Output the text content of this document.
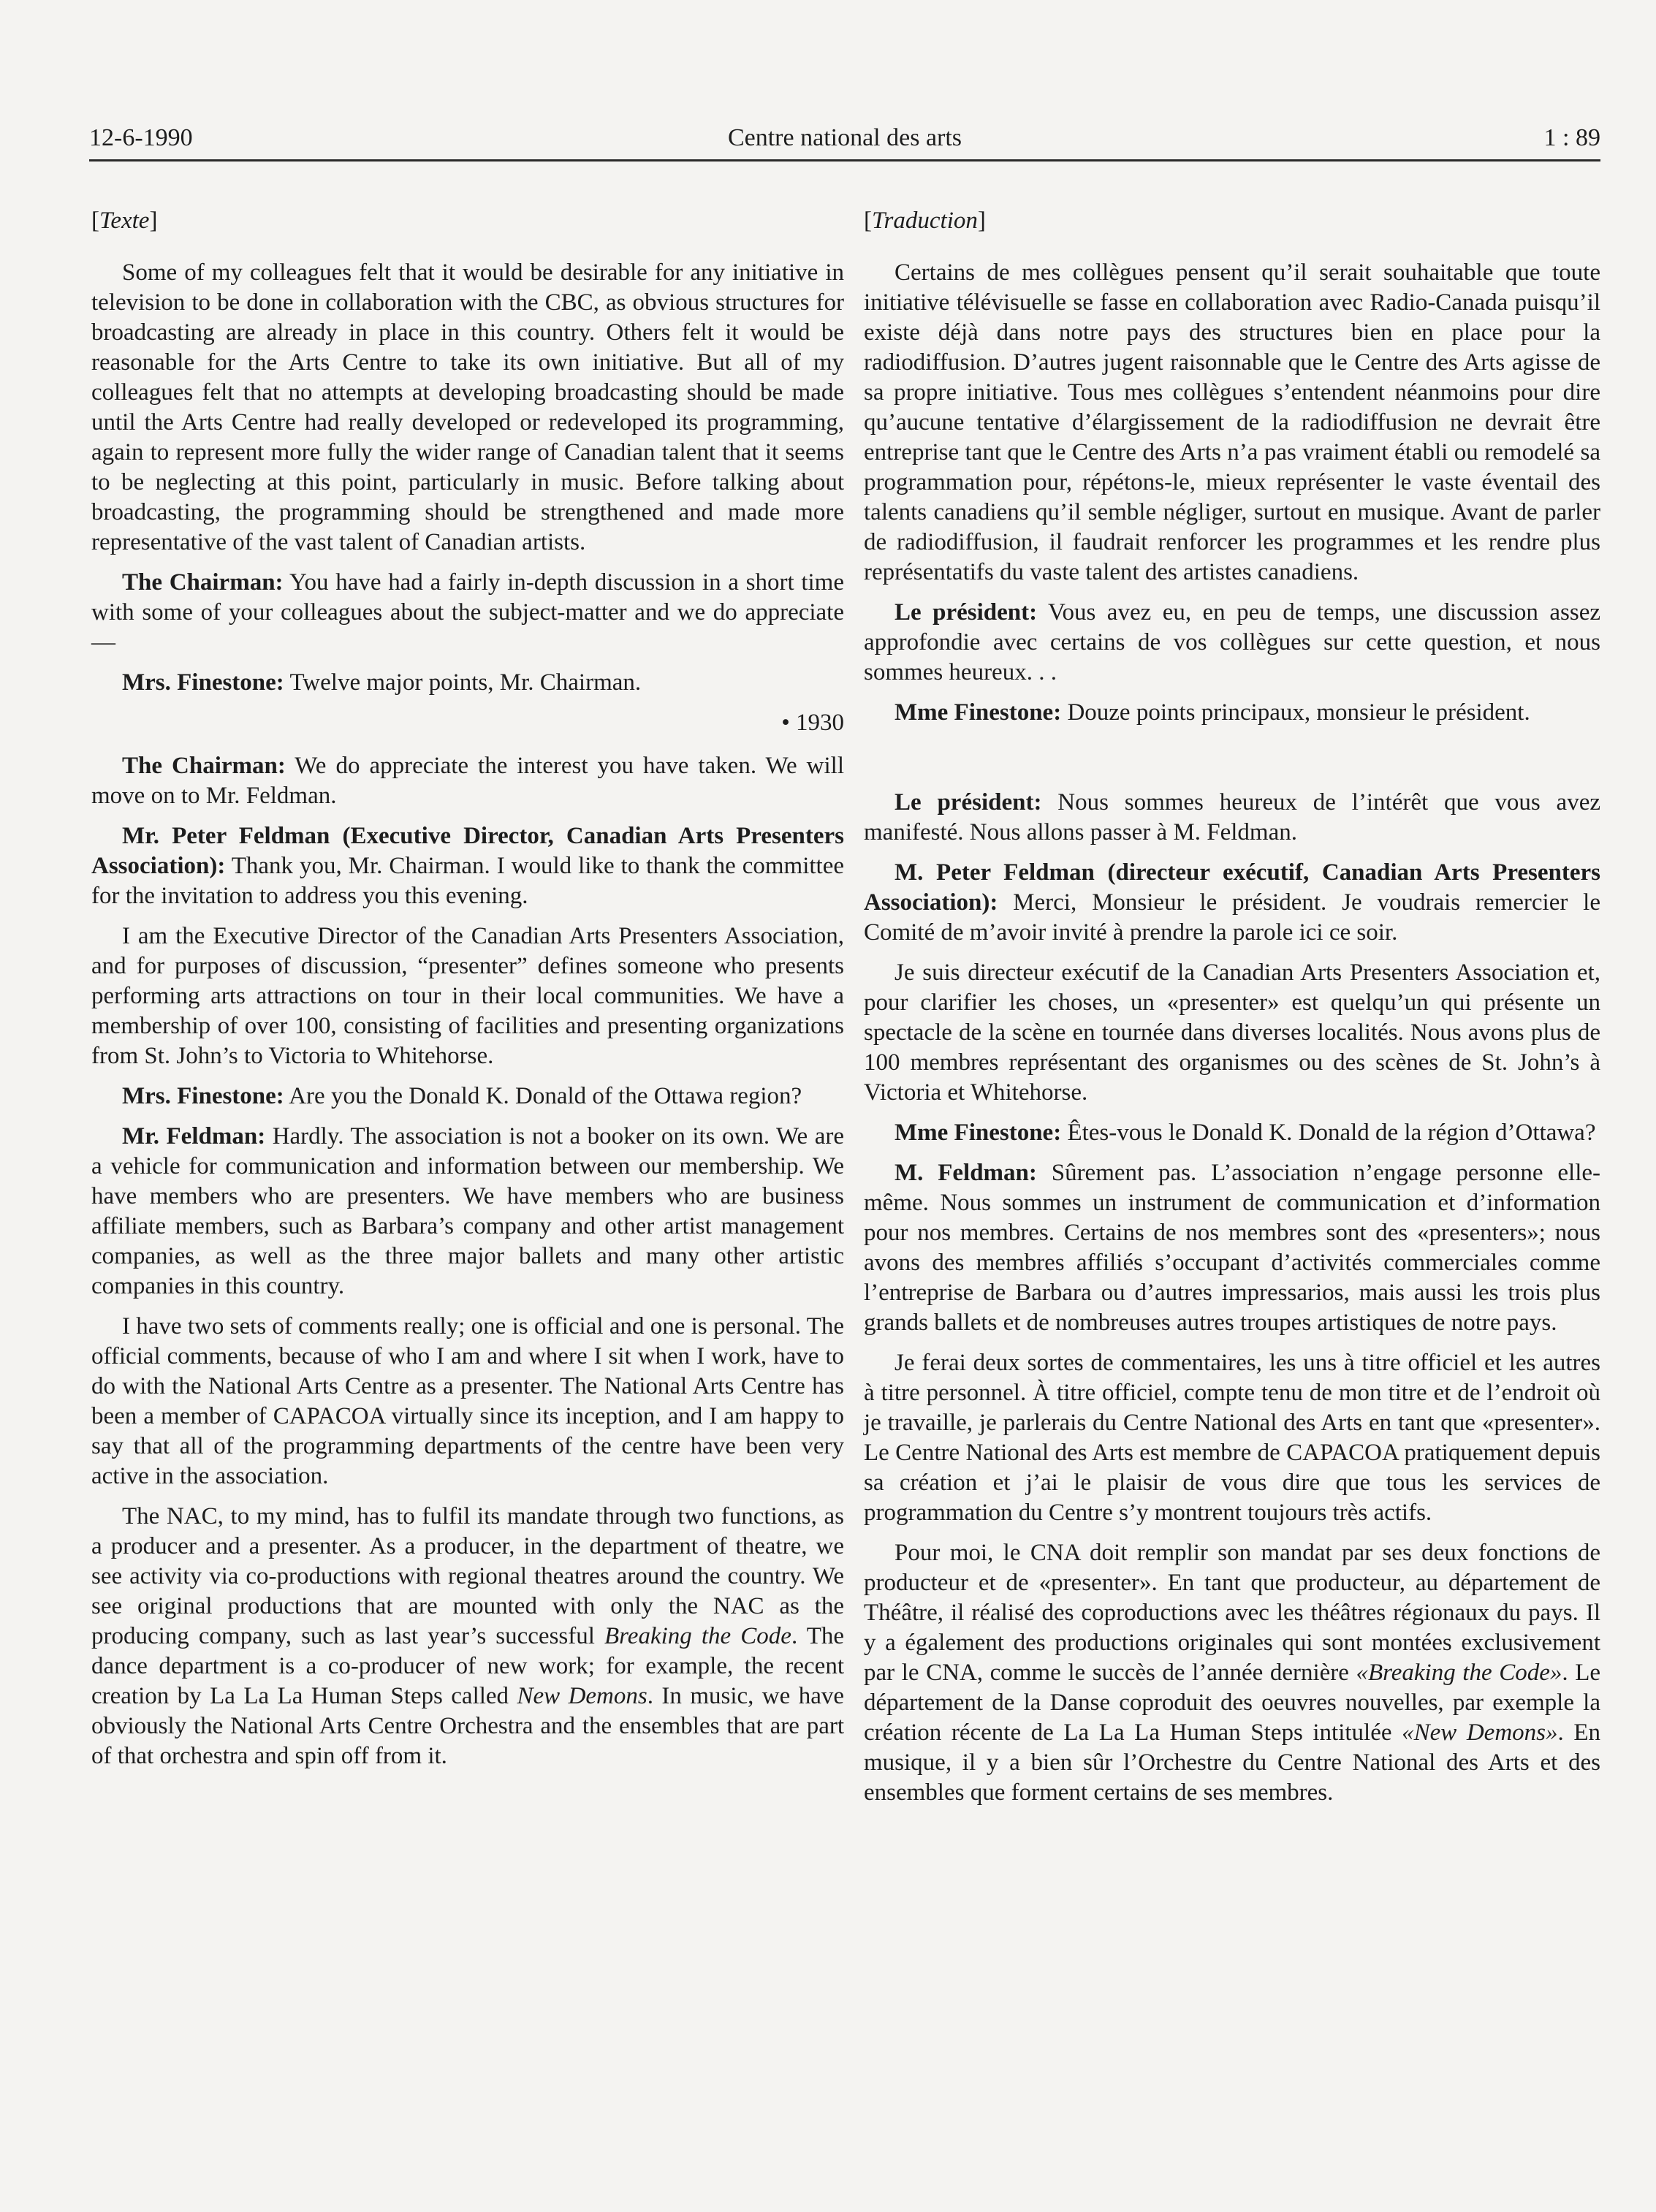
12-6-1990	Centre national des arts	1 : 89

[Texte]

Some of my colleagues felt that it would be desirable for any initiative in television to be done in collaboration with the CBC, as obvious structures for broadcasting are already in place in this country. Others felt it would be reasonable for the Arts Centre to take its own initiative. But all of my colleagues felt that no attempts at developing broadcasting should be made until the Arts Centre had really developed or redeveloped its programming, again to represent more fully the wider range of Canadian talent that it seems to be neglecting at this point, particularly in music. Before talking about broadcasting, the programming should be strengthened and made more representative of the vast talent of Canadian artists.

The Chairman: You have had a fairly in-depth discussion in a short time with some of your colleagues about the subject-matter and we do appreciate—

Mrs. Finestone: Twelve major points, Mr. Chairman.

• 1930

The Chairman: We do appreciate the interest you have taken. We will move on to Mr. Feldman.

Mr. Peter Feldman (Executive Director, Canadian Arts Presenters Association): Thank you, Mr. Chairman. I would like to thank the committee for the invitation to address you this evening.

I am the Executive Director of the Canadian Arts Presenters Association, and for purposes of discussion, “presenter” defines someone who presents performing arts attractions on tour in their local communities. We have a membership of over 100, consisting of facilities and presenting organizations from St. John’s to Victoria to Whitehorse.

Mrs. Finestone: Are you the Donald K. Donald of the Ottawa region?

Mr. Feldman: Hardly. The association is not a booker on its own. We are a vehicle for communication and information between our membership. We have members who are presenters. We have members who are business affiliate members, such as Barbara’s company and other artist management companies, as well as the three major ballets and many other artistic companies in this country.

I have two sets of comments really; one is official and one is personal. The official comments, because of who I am and where I sit when I work, have to do with the National Arts Centre as a presenter. The National Arts Centre has been a member of CAPACOA virtually since its inception, and I am happy to say that all of the programming departments of the centre have been very active in the association.

The NAC, to my mind, has to fulfil its mandate through two functions, as a producer and a presenter. As a producer, in the department of theatre, we see activity via co-productions with regional theatres around the country. We see original productions that are mounted with only the NAC as the producing company, such as last year’s successful Breaking the Code. The dance department is a co-producer of new work; for example, the recent creation by La La La Human Steps called New Demons. In music, we have obviously the National Arts Centre Orchestra and the ensembles that are part of that orchestra and spin off from it.

[Traduction]

Certains de mes collègues pensent qu’il serait souhaitable que toute initiative télévisuelle se fasse en collaboration avec Radio-Canada puisqu’il existe déjà dans notre pays des structures bien en place pour la radiodiffusion. D’autres jugent raisonnable que le Centre des Arts agisse de sa propre initiative. Tous mes collègues s’entendent néanmoins pour dire qu’aucune tentative d’élargissement de la radiodiffusion ne devrait être entreprise tant que le Centre des Arts n’a pas vraiment établi ou remodelé sa programmation pour, répétons-le, mieux représenter le vaste éventail des talents canadiens qu’il semble négliger, surtout en musique. Avant de parler de radiodiffusion, il faudrait renforcer les programmes et les rendre plus représentatifs du vaste talent des artistes canadiens.

Le président: Vous avez eu, en peu de temps, une discussion assez approfondie avec certains de vos collègues sur cette question, et nous sommes heureux. . .

Mme Finestone: Douze points principaux, monsieur le président.

Le président: Nous sommes heureux de l’intérêt que vous avez manifesté. Nous allons passer à M. Feldman.

M. Peter Feldman (directeur exécutif, Canadian Arts Presenters Association): Merci, Monsieur le président. Je voudrais remercier le Comité de m’avoir invité à prendre la parole ici ce soir.

Je suis directeur exécutif de la Canadian Arts Presenters Association et, pour clarifier les choses, un «presenter» est quelqu’un qui présente un spectacle de la scène en tournée dans diverses localités. Nous avons plus de 100 membres représentant des organismes ou des scènes de St. John’s à Victoria et Whitehorse.

Mme Finestone: Êtes-vous le Donald K. Donald de la région d’Ottawa?

M. Feldman: Sûrement pas. L’association n’engage personne elle-même. Nous sommes un instrument de communication et d’information pour nos membres. Certains de nos membres sont des «presenters»; nous avons des membres affiliés s’occupant d’activités commerciales comme l’entreprise de Barbara ou d’autres impressarios, mais aussi les trois plus grands ballets et de nombreuses autres troupes artistiques de notre pays.

Je ferai deux sortes de commentaires, les uns à titre officiel et les autres à titre personnel. À titre officiel, compte tenu de mon titre et de l’endroit où je travaille, je parlerais du Centre National des Arts en tant que «presenter». Le Centre National des Arts est membre de CAPACOA pratiquement depuis sa création et j’ai le plaisir de vous dire que tous les services de programmation du Centre s’y montrent toujours très actifs.

Pour moi, le CNA doit remplir son mandat par ses deux fonctions de producteur et de «presenter». En tant que producteur, au département de Théâtre, il réalisé des coproductions avec les théâtres régionaux du pays. Il y a également des productions originales qui sont montées exclusivement par le CNA, comme le succès de l’année dernière «Breaking the Code». Le département de la Danse coproduit des oeuvres nouvelles, par exemple la création récente de La La La Human Steps intitulée «New Demons». En musique, il y a bien sûr l’Orchestre du Centre National des Arts et des ensembles que forment certains de ses membres.
